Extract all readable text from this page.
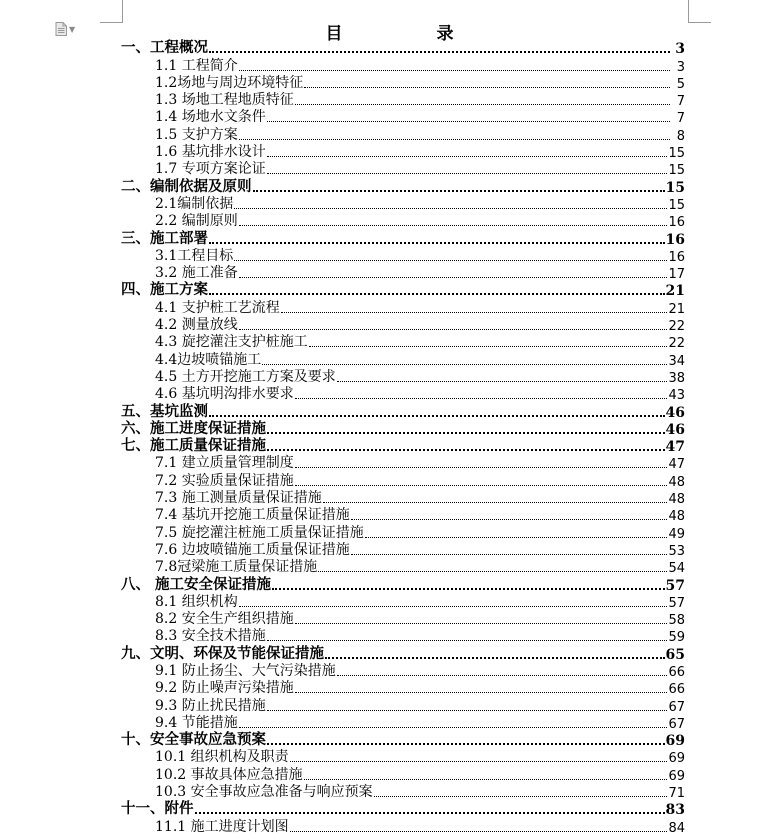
▼	目 录
一、工程概况	3
1.1 工程简介	3
1.2场地与周边环境特征	5
1.3 场地工程地质特征	7
1.4 场地水文条件	7
1.5 支护方案	8
1.6 基坑排水设计	15
1.7 专项方案论证	15
二、编制依据及原则	15
2.1编制依据	15
2.2 编制原则	16
三、施工部署	16
3.1工程目标	16
3.2 施工准备	17
四、施工方案	21
4.1 支护桩工艺流程	21
4.2 测量放线	22
4.3 旋挖灌注支护桩施工	22
4.4边坡喷锚施工	34
4.5 土方开挖施工方案及要求	38
4.6 基坑明沟排水要求	43
五、基坑监测	46
六、施工进度保证措施	46
七、施工质量保证措施	47
7.1 建立质量管理制度	47
7.2 实验质量保证措施	48
7.3 施工测量质量保证措施	48
7.4 基坑开挖施工质量保证措施	48
7.5 旋挖灌注桩施工质量保证措施	49
7.6 边坡喷锚施工质量保证措施	53
7.8冠梁施工质量保证措施	54
八、 施工安全保证措施	57
8.1 组织机构	57
8.2 安全生产组织措施	58
8.3 安全技术措施	59
九、文明、环保及节能保证措施	65
9.1 防止扬尘、大气污染措施	66
9.2 防止噪声污染措施	66
9.3 防止扰民措施	67
9.4 节能措施	67
十、安全事故应急预案	69
10.1 组织机构及职责	69
10.2 事故具体应急措施	69
10.3 安全事故应急准备与响应预案	71
十一、附件	83
11.1 施工进度计划图	84
